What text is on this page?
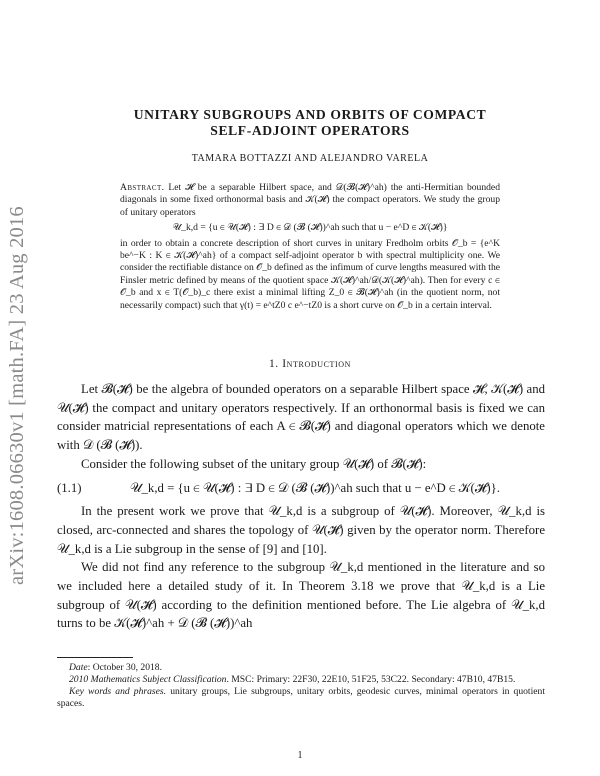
arXiv:1608.06630v1 [math.FA] 23 Aug 2016
UNITARY SUBGROUPS AND ORBITS OF COMPACT
SELF-ADJOINT OPERATORS
TAMARA BOTTAZZI AND ALEJANDRO VARELA

Abstract. Let 𝓗 be a separable Hilbert space, and 𝒟(𝓑(𝓗)^ah) the anti-Hermitian bounded diagonals in some fixed orthonormal basis and 𝒦(𝓗) the compact operators. We study the group of unitary operators

𝒰_k,d = {u ∈ 𝒰(𝓗) : ∃ D ∈ 𝒟 (𝓑 (𝓗))^ah such that u − e^D ∈ 𝒦(𝓗)}

in order to obtain a concrete description of short curves in unitary Fredholm orbits 𝒪_b = {e^K be^−K : K ∈ 𝒦(𝓗)^ah} of a compact self-adjoint operator b with spectral multiplicity one. We consider the rectifiable distance on 𝒪_b defined as the infimum of curve lengths measured with the Finsler metric defined by means of the quotient space 𝒦(𝓗)^ah/𝒟(𝒦(𝓗)^ah). Then for every c ∈ 𝒪_b and x ∈ T(𝒪_b)_c there exist a minimal lifting Z_0 ∈ 𝓑(𝓗)^ah (in the quotient norm, not necessarily compact) such that γ(t) = e^tZ0 c e^−tZ0 is a short curve on 𝒪_b in a certain interval.

1. Introduction

Let 𝓑(𝓗) be the algebra of bounded operators on a separable Hilbert space 𝓗, 𝒦(𝓗) and 𝒰(𝓗) the compact and unitary operators respectively. If an orthonormal basis is fixed we can consider matricial representations of each A ∈ 𝓑(𝓗) and diagonal operators which we denote with 𝒟 (𝓑 (𝓗)).

Consider the following subset of the unitary group 𝒰(𝓗) of 𝓑(𝓗):

(1.1)	𝒰_k,d = {u ∈ 𝒰(𝓗) : ∃ D ∈ 𝒟 (𝓑 (𝓗))^ah such that u − e^D ∈ 𝒦(𝓗)}.

In the present work we prove that 𝒰_k,d is a subgroup of 𝒰(𝓗). Moreover, 𝒰_k,d is closed, arc-connected and shares the topology of 𝒰(𝓗) given by the operator norm. Therefore 𝒰_k,d is a Lie subgroup in the sense of [9] and [10].

We did not find any reference to the subgroup 𝒰_k,d mentioned in the literature and so we included here a detailed study of it. In Theorem 3.18 we prove that 𝒰_k,d is a Lie subgroup of 𝒰(𝓗) according to the definition mentioned before. The Lie algebra of 𝒰_k,d turns to be 𝒦(𝓗)^ah + 𝒟 (𝓑 (𝓗))^ah

Date: October 30, 2018.

2010 Mathematics Subject Classification. MSC: Primary: 22F30, 22E10, 51F25, 53C22. Secondary: 47B10, 47B15.

Key words and phrases. unitary groups, Lie subgroups, unitary orbits, geodesic curves, minimal operators in quotient spaces.

1
